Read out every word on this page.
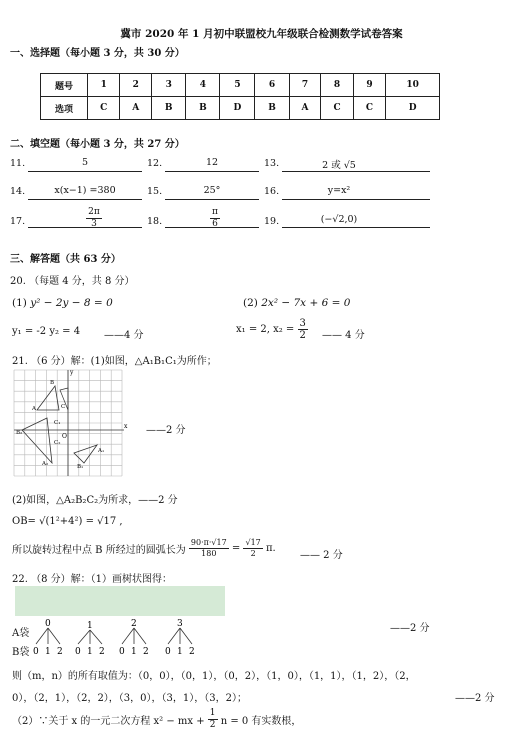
冀市 2020 年 1 月初中联盟校九年级联合检测数学试卷答案
一、选择题（每小题 3 分，共 30 分）
题号	1	2	3	4	5	6	7	8	9	10
选项	C	A	B	B	D	B	A	C	C	D
二、填空题（每小题 3 分，共 27 分）
11.	5	12.	12	13.	2 或 √5
14.	x(x−1) =380	15.	25°	16.	y=x²
17.	$\frac{2\pi}{3}$	18.	$\frac{\pi}{6}$	19.	(−√2,0)
三、解答题（共 63 分）
20. （每题 4 分，共 8 分）
(1) y² − 2y − 8 = 0	(2) 2x² − 7x + 6 = 0
y₁ = -2 y₂ = 4 ——4 分
x₁ = 2, $x_2 = \frac{3}{2}$ —— 4 分
21. （6 分）解：(1)如图，△A₁B₁C₁为所作；
x
y
O
A
B
C
C₁
A₁
B₁
C₂
A₂
B₂	——2 分
(2)如图，△A₂B₂C₂为所求，——2 分
OB= √(1²+4²) = √17 ,
所以旋转过程中点 B 所经过的圆弧长为 $\frac{90\cdot\pi\cdot√17}{180} = \frac{√17}{2} \pi$.
—— 2 分
22. （8 分）解：（1）画树状图得：
A袋
B袋
0	1	2	3
0 1 2 0 1 2 0 1 2 0 1 2
——2 分
则（m，n）的所有取值为：（0，0），（0，1），（0，2），（1，0），（1，1），（1，2），（2，
0），（2，1），（2，2），（3，0），（3，1），（3，2）；	——2 分
（2）∵关于 x 的一元二次方程 x² − mx + $\frac{1}{2}$ n = 0 有实数根，
